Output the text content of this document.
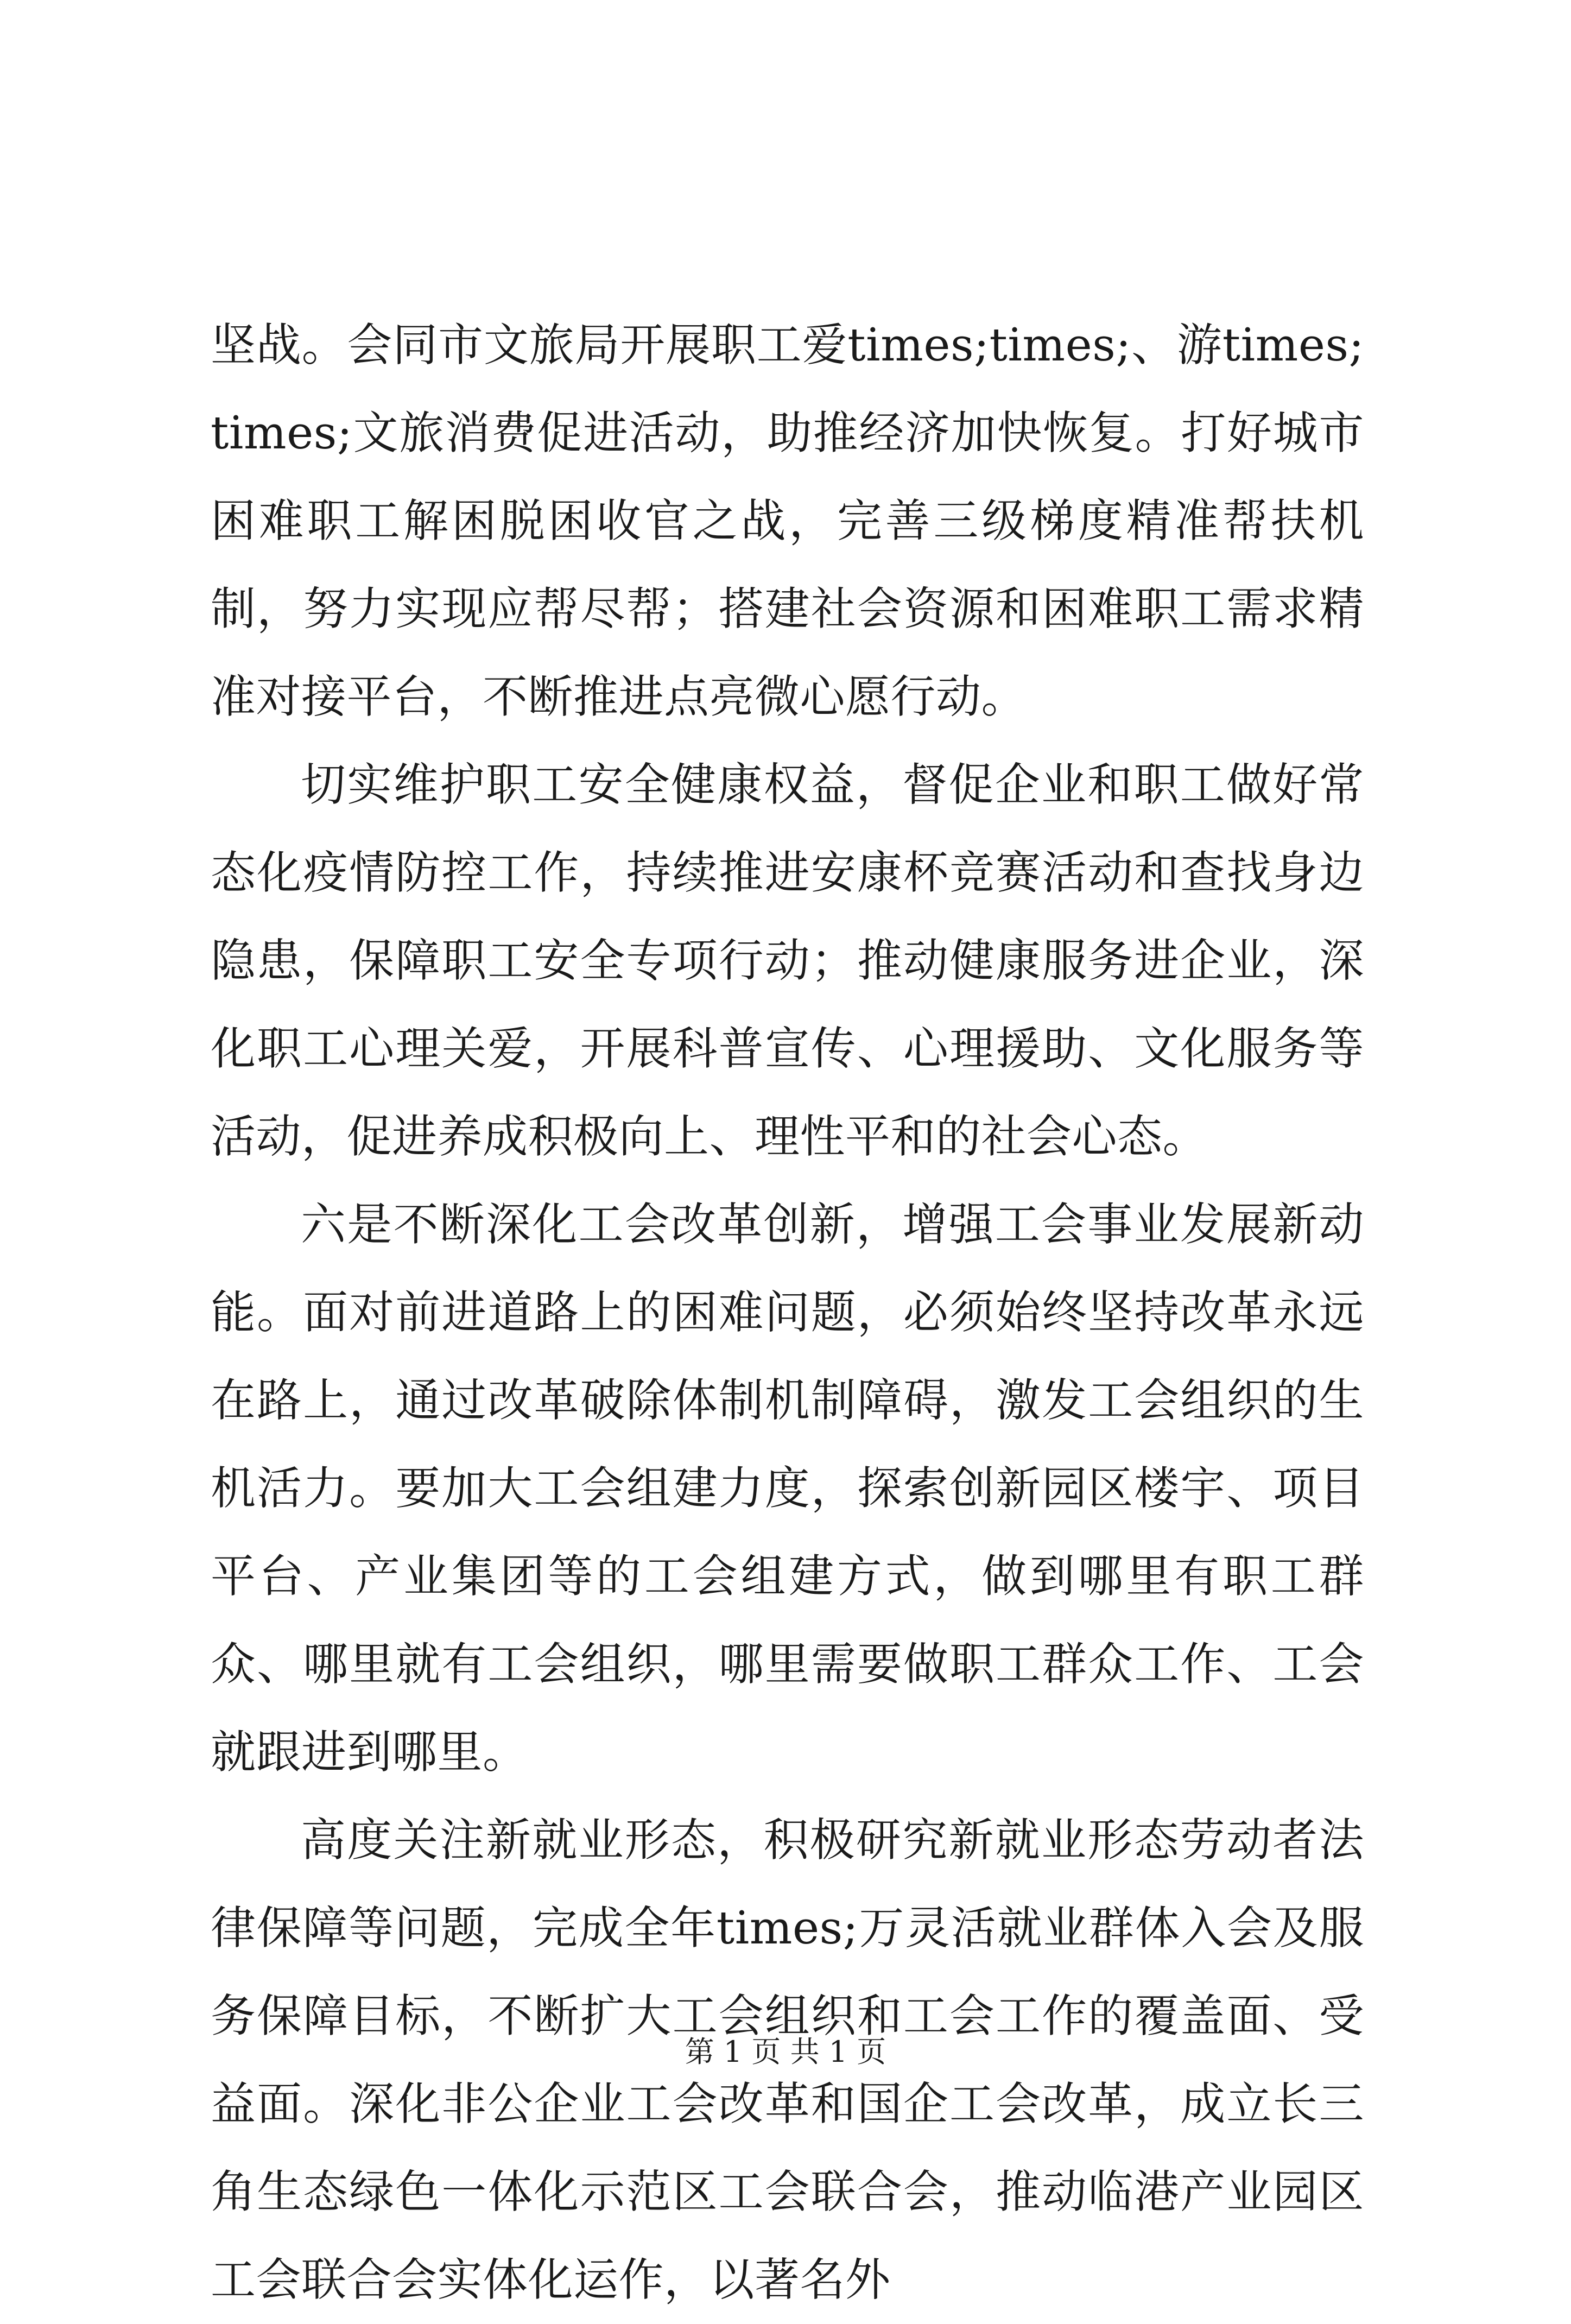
坚战。会同市文旅局开展职工爱times;times;、游times;times;文旅消费促进活动，助推经济加快恢复。打好城市困难职工解困脱困收官之战，完善三级梯度精准帮扶机制，努力实现应帮尽帮；搭建社会资源和困难职工需求精准对接平台，不断推进点亮微心愿行动。

切实维护职工安全健康权益，督促企业和职工做好常态化疫情防控工作，持续推进安康杯竞赛活动和查找身边隐患，保障职工安全专项行动；推动健康服务进企业，深化职工心理关爱，开展科普宣传、心理援助、文化服务等活动，促进养成积极向上、理性平和的社会心态。

六是不断深化工会改革创新，增强工会事业发展新动能。面对前进道路上的困难问题，必须始终坚持改革永远在路上，通过改革破除体制机制障碍，激发工会组织的生机活力。要加大工会组建力度，探索创新园区楼宇、项目平台、产业集团等的工会组建方式，做到哪里有职工群众、哪里就有工会组织，哪里需要做职工群众工作、工会就跟进到哪里。

高度关注新就业形态，积极研究新就业形态劳动者法律保障等问题，完成全年times;万灵活就业群体入会及服务保障目标，不断扩大工会组织和工会工作的覆盖面、受益面。深化非公企业工会改革和国企工会改革，成立长三角生态绿色一体化示范区工会联合会，推动临港产业园区工会联合会实体化运作，以著名外

第 1 页 共 1 页
